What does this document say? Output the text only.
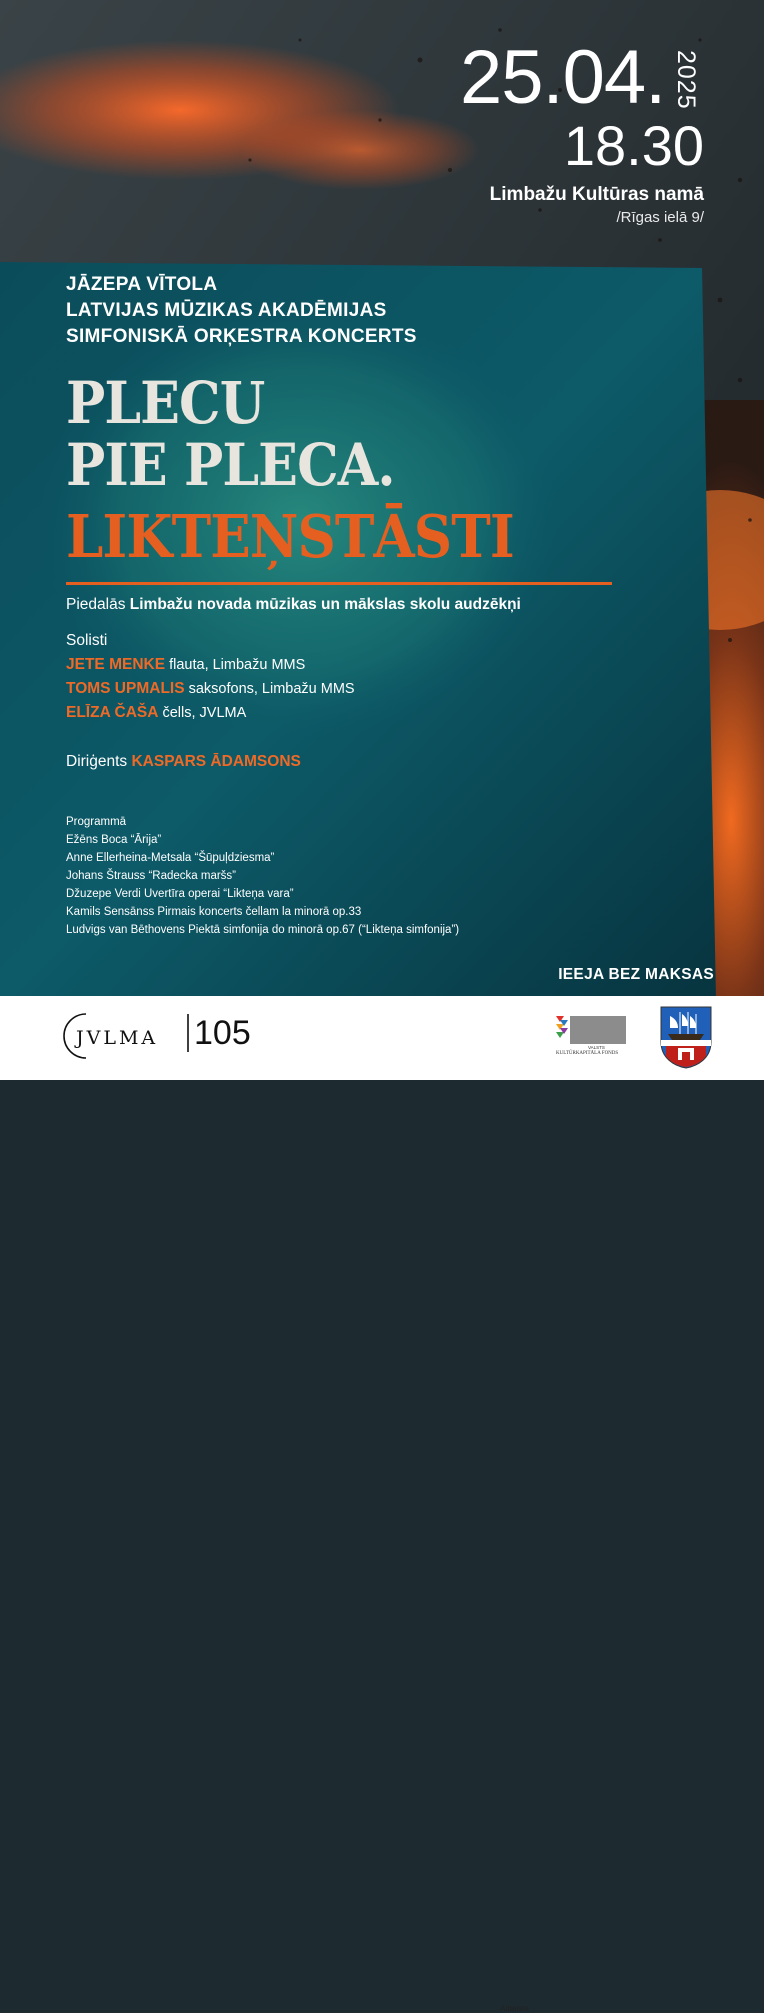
25.04. 2025
18.30
Limbažu Kultūras namā
/Rīgas ielā 9/
JĀZEPA VĪTOLA
LATVIJAS MŪZIKAS AKADĒMIJAS
SIMFONISKĀ ORĶESTRA KONCERTS
PLECU
PIE PLECA.
LIKTEŅSTĀSTI
Piedalās Limbažu novada mūzikas un mākslas skolu audzēkņi
Solisti
JETE MENKE flauta, Limbažu MMS
TOMS UPMALIS saksofons, Limbažu MMS
ELĪZA ČAŠA čells, JVLMA
Diriģents KASPARS ĀDAMSONS
Programmā
Ežēns Boca “Ārija”
Anne Ellerheina-Metsala “Šūpuļdziesma”
Johans Štrauss “Radecka maršs”
Džuzepe Verdi Uvertīra operai “Likteņa vara”
Kamils Sensānss Pirmais koncerts čellam la minorā op.33
Ludvigs van Bēthovens Piektā simfonija do minorā op.67 (“Likteņa simfonija”)
IEEJA BEZ MAKSAS
JVLMA 105
Atbalsta
VALSTS
KULTŪRKAPITĀLA FONDS
